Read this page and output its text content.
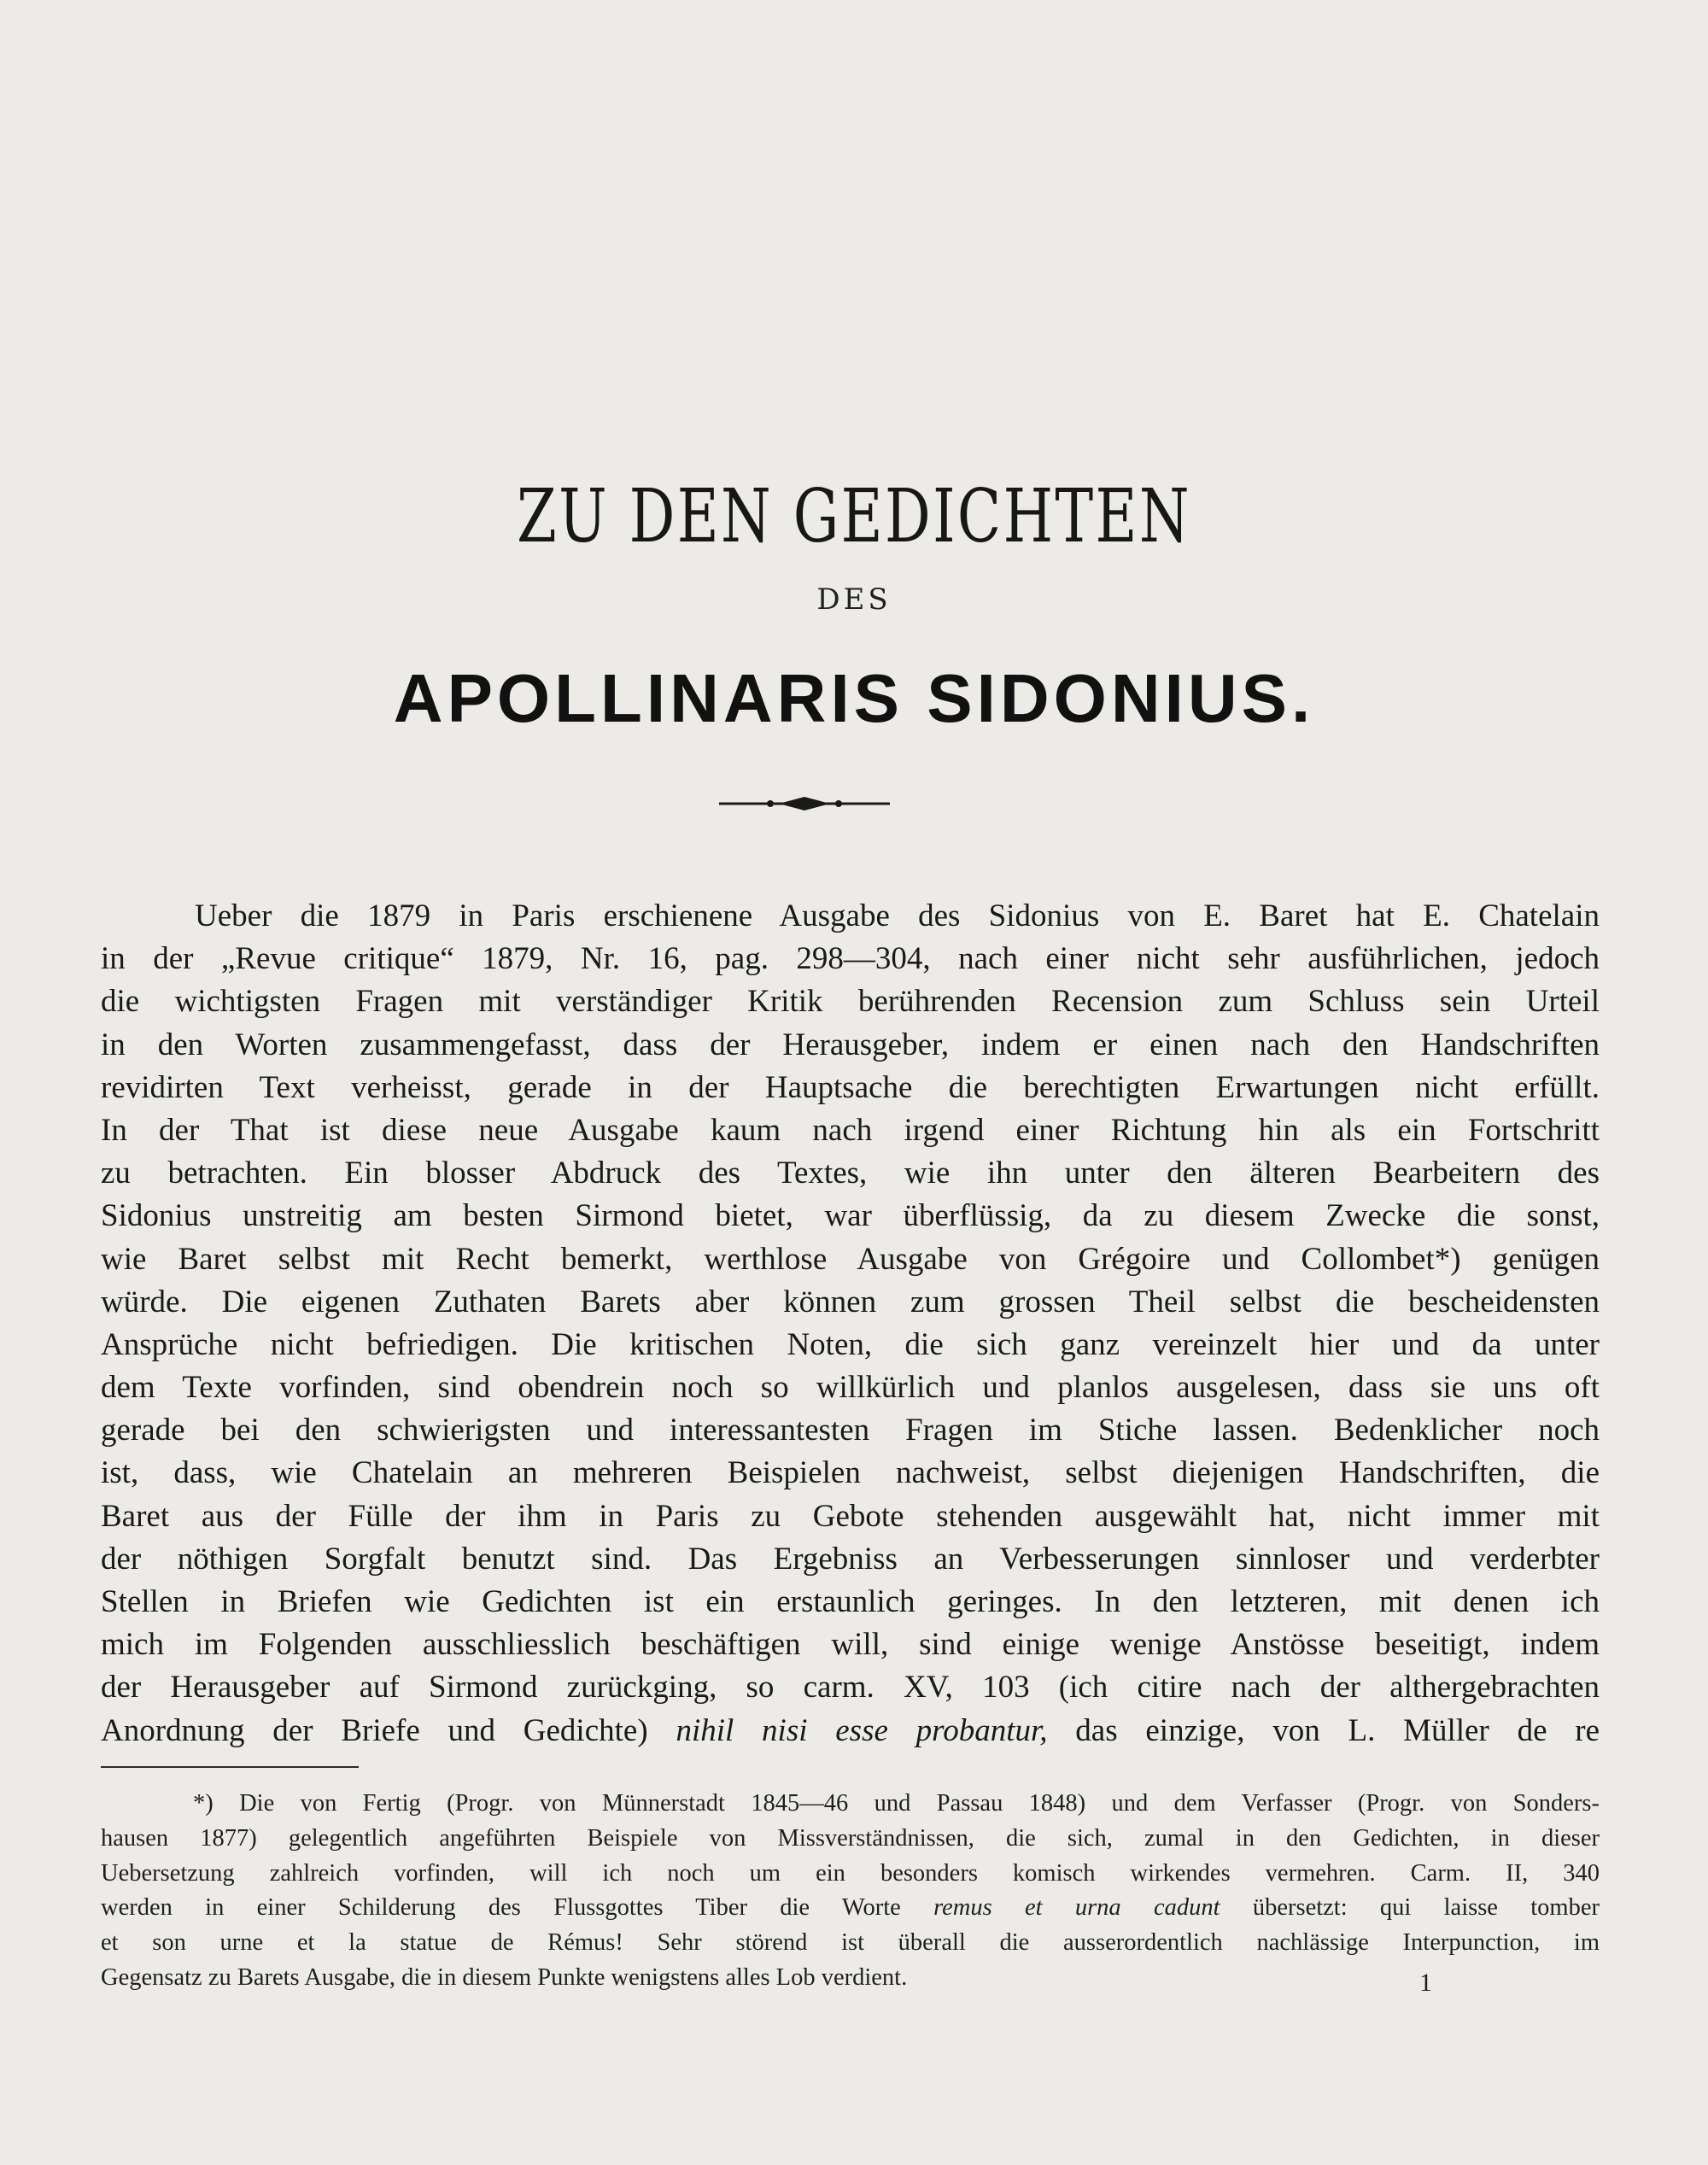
ZU DEN GEDICHTEN
DES
APOLLINARIS SIDONIUS.
Ueber die 1879 in Paris erschienene Ausgabe des Sidonius von E. Baret hat E. Chatelain
in der „Revue critique“ 1879, Nr. 16, pag. 298—304, nach einer nicht sehr ausführlichen, jedoch
die wichtigsten Fragen mit verständiger Kritik berührenden Recension zum Schluss sein Urteil
in den Worten zusammengefasst, dass der Herausgeber, indem er einen nach den Handschriften
revidirten Text verheisst, gerade in der Hauptsache die berechtigten Erwartungen nicht erfüllt.
In der That ist diese neue Ausgabe kaum nach irgend einer Richtung hin als ein Fortschritt
zu betrachten. Ein blosser Abdruck des Textes, wie ihn unter den älteren Bearbeitern des
Sidonius unstreitig am besten Sirmond bietet, war überflüssig, da zu diesem Zwecke die sonst,
wie Baret selbst mit Recht bemerkt, werthlose Ausgabe von Grégoire und Collombet*) genügen
würde. Die eigenen Zuthaten Barets aber können zum grossen Theil selbst die bescheidensten
Ansprüche nicht befriedigen. Die kritischen Noten, die sich ganz vereinzelt hier und da unter
dem Texte vorfinden, sind obendrein noch so willkürlich und planlos ausgelesen, dass sie uns oft
gerade bei den schwierigsten und interessantesten Fragen im Stiche lassen. Bedenklicher noch
ist, dass, wie Chatelain an mehreren Beispielen nachweist, selbst diejenigen Handschriften, die
Baret aus der Fülle der ihm in Paris zu Gebote stehenden ausgewählt hat, nicht immer mit
der nöthigen Sorgfalt benutzt sind. Das Ergebniss an Verbesserungen sinnloser und verderbter
Stellen in Briefen wie Gedichten ist ein erstaunlich geringes. In den letzteren, mit denen ich
mich im Folgenden ausschliesslich beschäftigen will, sind einige wenige Anstösse beseitigt, indem
der Herausgeber auf Sirmond zurückging, so carm. XV, 103 (ich citire nach der althergebrachten
Anordnung der Briefe und Gedichte) nihil nisi esse probantur, das einzige, von L. Müller de re
*) Die von Fertig (Progr. von Münnerstadt 1845—46 und Passau 1848) und dem Verfasser (Progr. von Sonders-
hausen 1877) gelegentlich angeführten Beispiele von Missverständnissen, die sich, zumal in den Gedichten, in dieser
Uebersetzung zahlreich vorfinden, will ich noch um ein besonders komisch wirkendes vermehren. Carm. II, 340
werden in einer Schilderung des Flussgottes Tiber die Worte remus et urna cadunt übersetzt: qui laisse tomber
et son urne et la statue de Rémus! Sehr störend ist überall die ausserordentlich nachlässige Interpunction, im
Gegensatz zu Barets Ausgabe, die in diesem Punkte wenigstens alles Lob verdient.	1
